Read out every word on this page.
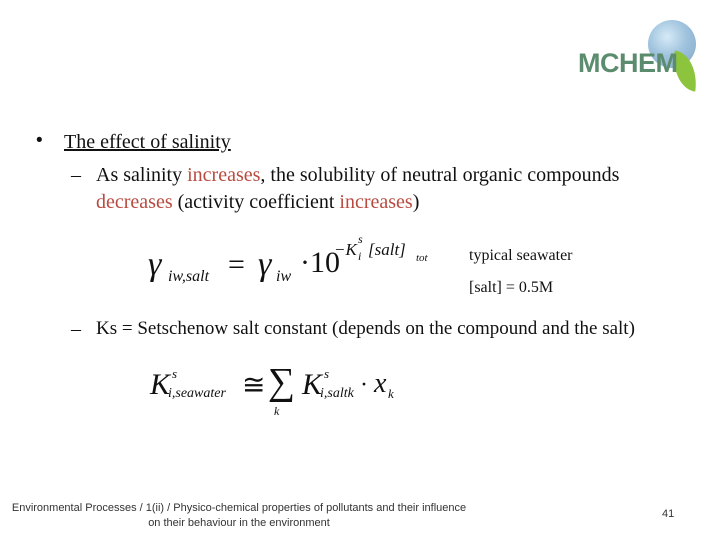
MCHEM
• The effect of salinity
– As salinity increases, the solubility of neutral organic compounds
decreases (activity coefficient increases)
γ iw,salt = γ iw ·10
−K
s
i [salt] tot	typical seawater
[salt] = 0.5M
– Ks = Setschenow salt constant (depends on the compound and the salt)
K s
i,seawater ≅ ∑
k
K s
i,saltk · x k
Environmental Processes / 1(ii) / Physico-chemical properties of pollutants and their influence
on their behaviour in the environment
41
